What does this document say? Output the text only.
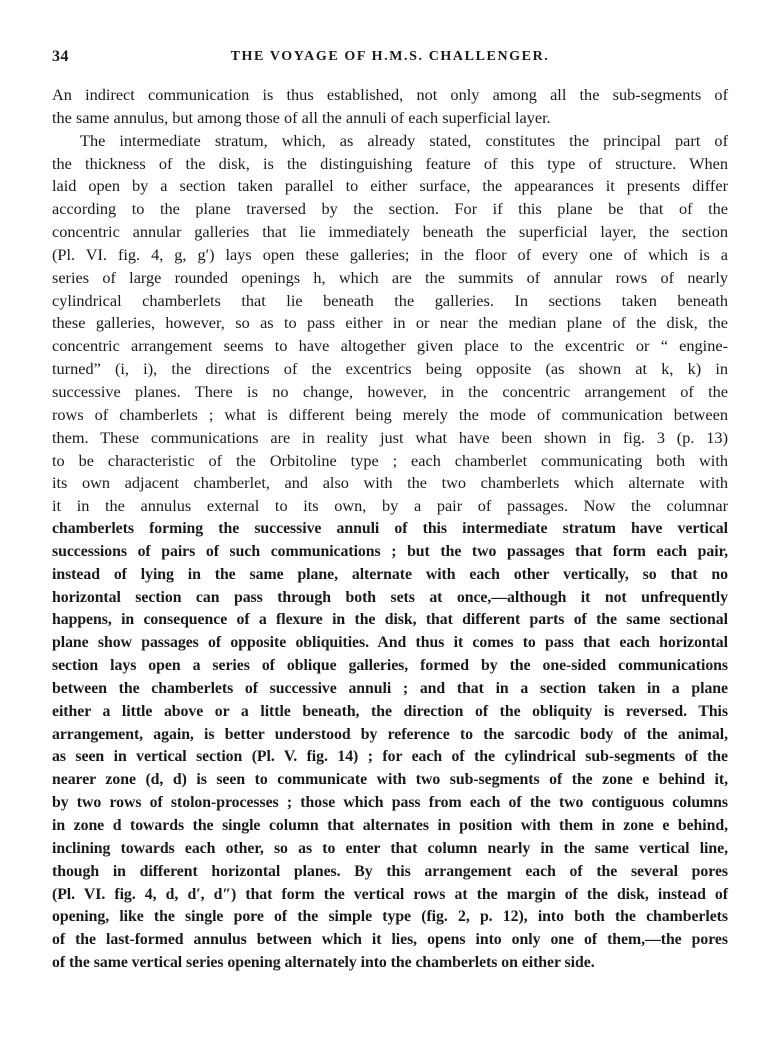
34	THE VOYAGE OF H.M.S. CHALLENGER.
An indirect communication is thus established, not only among all the sub-segments of
the same annulus, but among those of all the annuli of each superficial layer.
The intermediate stratum, which, as already stated, constitutes the principal part of
the thickness of the disk, is the distinguishing feature of this type of structure. When
laid open by a section taken parallel to either surface, the appearances it presents differ
according to the plane traversed by the section. For if this plane be that of the
concentric annular galleries that lie immediately beneath the superficial layer, the section
(Pl. VI. fig. 4, g, g′) lays open these galleries; in the floor of every one of which is a
series of large rounded openings h, which are the summits of annular rows of nearly
cylindrical chamberlets that lie beneath the galleries. In sections taken beneath
these galleries, however, so as to pass either in or near the median plane of the disk, the
concentric arrangement seems to have altogether given place to the excentric or “ engine-
turned” (i, i), the directions of the excentrics being opposite (as shown at k, k) in
successive planes. There is no change, however, in the concentric arrangement of the
rows of chamberlets ; what is different being merely the mode of communication between
them. These communications are in reality just what have been shown in fig. 3 (p. 13)
to be characteristic of the Orbitoline type ; each chamberlet communicating both with
its own adjacent chamberlet, and also with the two chamberlets which alternate with
it in the annulus external to its own, by a pair of passages. Now the columnar
chamberlets forming the successive annuli of this intermediate stratum have vertical
successions of pairs of such communications ; but the two passages that form each pair,
instead of lying in the same plane, alternate with each other vertically, so that no
horizontal section can pass through both sets at once,—although it not unfrequently
happens, in consequence of a flexure in the disk, that different parts of the same sectional
plane show passages of opposite obliquities. And thus it comes to pass that each horizontal
section lays open a series of oblique galleries, formed by the one-sided communications
between the chamberlets of successive annuli ; and that in a section taken in a plane
either a little above or a little beneath, the direction of the obliquity is reversed. This
arrangement, again, is better understood by reference to the sarcodic body of the animal,
as seen in vertical section (Pl. V. fig. 14) ; for each of the cylindrical sub-segments of the
nearer zone (d, d) is seen to communicate with two sub-segments of the zone e behind it,
by two rows of stolon-processes ; those which pass from each of the two contiguous columns
in zone d towards the single column that alternates in position with them in zone e behind,
inclining towards each other, so as to enter that column nearly in the same vertical line,
though in different horizontal planes. By this arrangement each of the several pores
(Pl. VI. fig. 4, d, d′, d″) that form the vertical rows at the margin of the disk, instead of
opening, like the single pore of the simple type (fig. 2, p. 12), into both the chamberlets
of the last-formed annulus between which it lies, opens into only one of them,—the pores
of the same vertical series opening alternately into the chamberlets on either side.
